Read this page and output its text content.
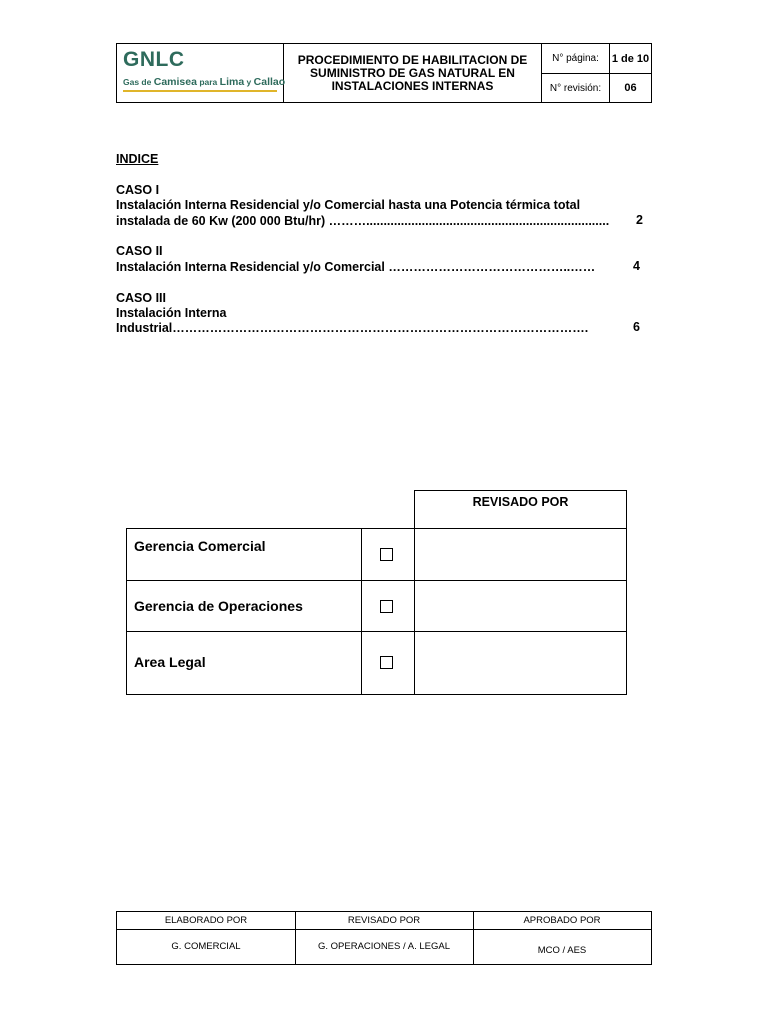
GNLC
Gas de Camisea para Lima y Callao
PROCEDIMIENTO DE HABILITACION DE SUMINISTRO DE GAS NATURAL EN INSTALACIONES INTERNAS
N° página:	1 de 10
N° revisión:	06
INDICE
CASO I
Instalación Interna Residencial y/o Comercial hasta una Potencia térmica total
instalada de 60 Kw (200 000 Btu/hr) ………...................................................................... 2
CASO II
Instalación Interna Residencial y/o Comercial ……………………………………..……	4
CASO III
Instalación Interna
Industrial……………………………………………………………………………………….	6
REVISADO POR
Gerencia Comercial
Gerencia de Operaciones
Area Legal
ELABORADO POR	REVISADO POR	APROBADO POR
G. COMERCIAL	G. OPERACIONES / A. LEGAL	MCO / AES
